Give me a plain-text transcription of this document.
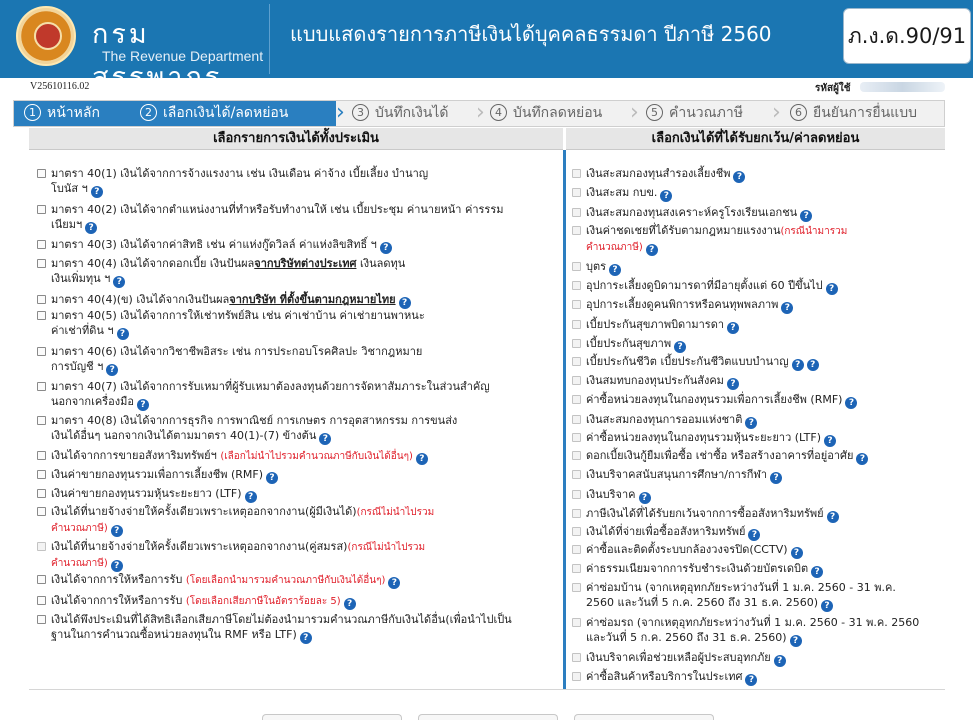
กรมสรรพากร
The Revenue Department
แบบแสดงรายการภาษีเงินได้บุคคลธรรมดา ปีภาษี 2560	ภ.ง.ด.90/91
V25610116.02	รหัสผู้ใช้
1 หน้าหลัก	2 เลือกเงินได้/ลดหย่อน	›	3 บันทึกเงินได้	› 4 บันทึกลดหย่อน	›	5 คำนวณภาษี	›	6 ยืนยันการยื่นแบบ
เลือกรายการเงินได้ทั้งประเมิน
มาตรา 40(1) เงินได้จากการจ้างแรงงาน เช่น เงินเดือน ค่าจ้าง เบี้ยเลี้ยง บำนาญ
โบนัส ฯ ?
มาตรา 40(2) เงินได้จากตำแหน่งงานที่ทำหรือรับทำงานให้ เช่น เบี้ยประชุม ค่านายหน้า ค่ารรรม
เนียมฯ ?
มาตรา 40(3) เงินได้จากค่าสิทธิ เช่น ค่าแห่งกู๊ดวิลล์ ค่าแห่งลิขสิทธิ์ ฯ ?
มาตรา 40(4) เงินได้จากดอกเบี้ย เงินปันผลจากบริษัทต่างประเทศ เงินลดทุน
เงินเพิ่มทุน ฯ ?
มาตรา 40(4)(ข) เงินได้จากเงินปันผลจากบริษัท ที่ตั้งขึ้นตามกฎหมายไทย ?
มาตรา 40(5) เงินได้จากการให้เช่าทรัพย์สิน เช่น ค่าเช่าบ้าน ค่าเช่ายานพาหนะ
ค่าเช่าที่ดิน ฯ ?
มาตรา 40(6) เงินได้จากวิชาชีพอิสระ เช่น การประกอบโรคศิลปะ วิชากฎหมาย
การบัญชี ฯ ?
มาตรา 40(7) เงินได้จากการรับเหมาที่ผู้รับเหมาต้องลงทุนด้วยการจัดหาสัมภาระในส่วนสำคัญ
นอกจากเครื่องมือ ?
มาตรา 40(8) เงินได้จากการธุรกิจ การพาณิชย์ การเกษตร การอุตสาหกรรม การขนส่ง
เงินได้อื่นๆ นอกจากเงินได้ตามมาตรา 40(1)-(7) ข้างต้น ?
เงินได้จากการขายอสังหาริมทรัพย์ฯ (เลือกไม่นำไปรวมคำนวณภาษีกับเงินได้อื่นๆ) ?
เงินค่าขายกองทุนรวมเพื่อการเลี้ยงชีพ (RMF) ?
เงินค่าขายกองทุนรวมหุ้นระยะยาว (LTF) ?
เงินได้ที่นายจ้างจ่ายให้ครั้งเดียวเพราะเหตุออกจากงาน(ผู้มีเงินได้)(กรณีไม่นำไปรวม
คำนวณภาษี) ?
เงินได้ที่นายจ้างจ่ายให้ครั้งเดียวเพราะเหตุออกจากงาน(คู่สมรส)(กรณีไม่นำไปรวม
คำนวณภาษี) ?
เงินได้จากการให้หรือการรับ (โดยเลือกนำมารวมคำนวณภาษีกับเงินได้อื่นๆ) ?
เงินได้จากการให้หรือการรับ (โดยเลือกเสียภาษีในอัตราร้อยละ 5) ?
เงินได้พึงประเมินที่ได้สิทธิเลือกเสียภาษีโดยไม่ต้องนำมารวมคำนวณภาษีกับเงินได้อื่น(เพื่อนำไปเป็น
ฐานในการคำนวณซื้อหน่วยลงทุนใน RMF หรือ LTF) ?
เลือกเงินได้ที่ได้รับยกเว้น/ค่าลดหย่อน
เงินสะสมกองทุนสำรองเลี้ยงชีพ ?
เงินสะสม กบข. ?
เงินสะสมกองทุนสงเคราะห์ครูโรงเรียนเอกชน ?
เงินค่าชดเชยที่ได้รับตามกฎหมายแรงงาน(กรณีนำมารวม
คำนวณภาษี) ?
บุตร ?
อุปการะเลี้ยงดูบิดามารดาที่มีอายุตั้งแต่ 60 ปีขึ้นไป ?
อุปการะเลี้ยงดูคนพิการหรือคนทุพพลภาพ ?
เบี้ยประกันสุขภาพบิดามารดา ?
เบี้ยประกันสุขภาพ ?
เบี้ยประกันชีวิต เบี้ยประกันชีวิตแบบบำนาญ ? ?
เงินสมทบกองทุนประกันสังคม ?
ค่าซื้อหน่วยลงทุนในกองทุนรวมเพื่อการเลี้ยงชีพ (RMF) ?
เงินสะสมกองทุนการออมแห่งชาติ ?
ค่าซื้อหน่วยลงทุนในกองทุนรวมหุ้นระยะยาว (LTF) ?
ดอกเบี้ยเงินกู้ยืมเพื่อซื้อ เช่าซื้อ หรือสร้างอาคารที่อยู่อาศัย ?
เงินบริจาคสนับสนุนการศึกษา/การกีฬา ?
เงินบริจาค ?
ภาษีเงินได้ที่ได้รับยกเว้นจากการซื้ออสังหาริมทรัพย์ ?
เงินได้ที่จ่ายเพื่อซื้ออสังหาริมทรัพย์ ?
ค่าซื้อและติดตั้งระบบกล้องวงจรปิด(CCTV) ?
ค่าธรรมเนียมจากการรับชำระเงินด้วยบัตรเดบิต ?
ค่าซ่อมบ้าน (จากเหตุอุทกภัยระหว่างวันที่ 1 ม.ค. 2560 - 31 พ.ค.
2560 และวันที่ 5 ก.ค. 2560 ถึง 31 ธ.ค. 2560) ?
ค่าซ่อมรถ (จากเหตุอุทกภัยระหว่างวันที่ 1 ม.ค. 2560 - 31 พ.ค. 2560
และวันที่ 5 ก.ค. 2560 ถึง 31 ธ.ค. 2560) ?
เงินบริจาคเพื่อช่วยเหลือผู้ประสบอุทกภัย ?
ค่าซื้อสินค้าหรือบริการในประเทศ ?
